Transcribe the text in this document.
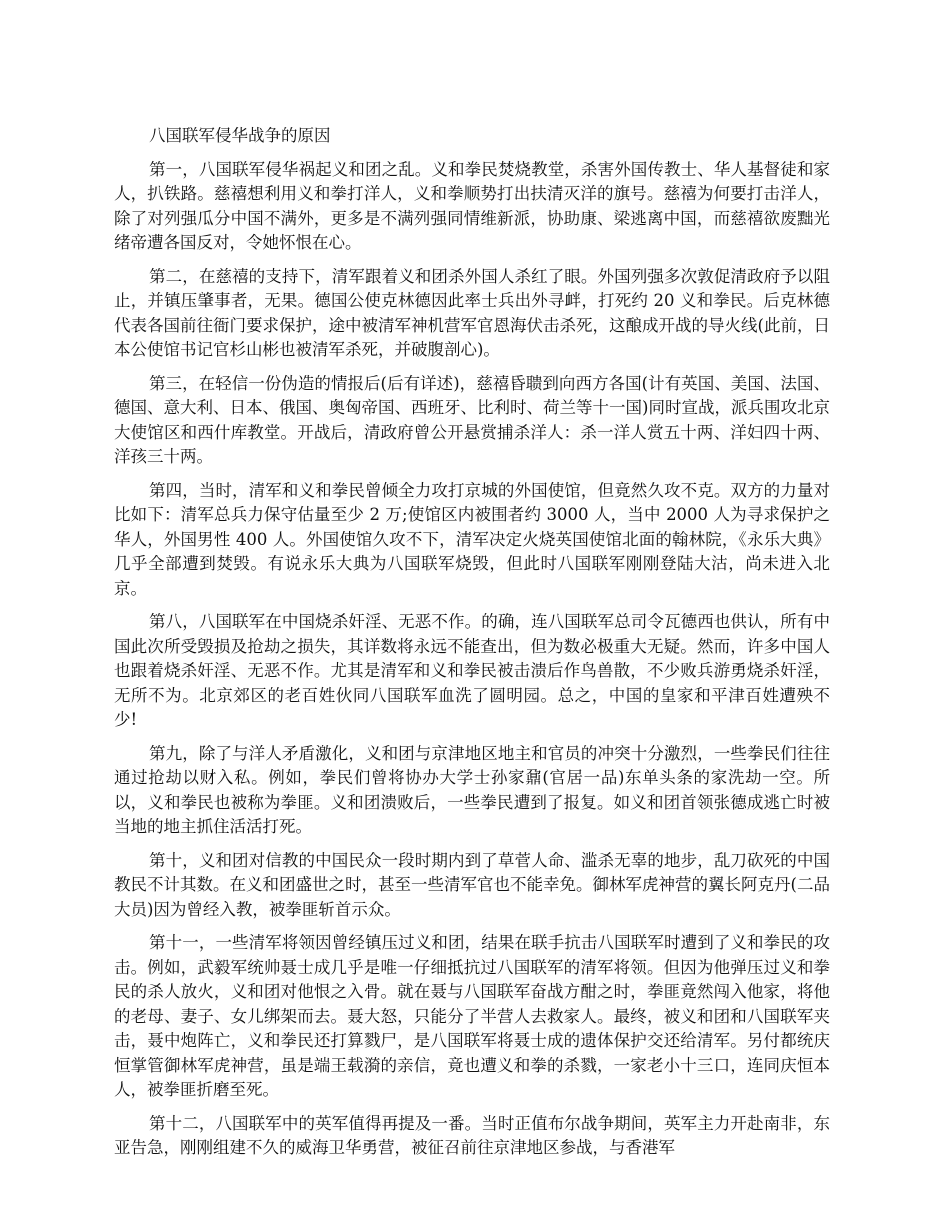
八国联军侵华战争的原因

第一，八国联军侵华祸起义和团之乱。义和拳民焚烧教堂，杀害外国传教士、华人基督徒和家人，扒铁路。慈禧想利用义和拳打洋人，义和拳顺势打出扶清灭洋的旗号。慈禧为何要打击洋人，除了对列强瓜分中国不满外，更多是不满列强同情维新派，协助康、梁逃离中国，而慈禧欲废黜光绪帝遭各国反对，令她怀恨在心。

第二，在慈禧的支持下，清军跟着义和团杀外国人杀红了眼。外国列强多次敦促清政府予以阻止，并镇压肇事者，无果。德国公使克林德因此率士兵出外寻衅，打死约 20 义和拳民。后克林德代表各国前往衙门要求保护，途中被清军神机营军官恩海伏击杀死，这酿成开战的导火线(此前，日本公使馆书记官杉山彬也被清军杀死，并破腹剖心)。

第三，在轻信一份伪造的情报后(后有详述)，慈禧昏聩到向西方各国(计有英国、美国、法国、德国、意大利、日本、俄国、奥匈帝国、西班牙、比利时、荷兰等十一国)同时宣战，派兵围攻北京大使馆区和西什库教堂。开战后，清政府曾公开悬赏捕杀洋人：杀一洋人赏五十两、洋妇四十两、洋孩三十两。

第四，当时，清军和义和拳民曾倾全力攻打京城的外国使馆，但竟然久攻不克。双方的力量对比如下：清军总兵力保守估量至少 2 万;使馆区内被围者约 3000 人，当中 2000 人为寻求保护之华人，外国男性 400 人。外国使馆久攻不下，清军决定火烧英国使馆北面的翰林院，《永乐大典》几乎全部遭到焚毁。有说永乐大典为八国联军烧毁，但此时八国联军刚刚登陆大沽，尚未进入北京。

第八，八国联军在中国烧杀奸淫、无恶不作。的确，连八国联军总司令瓦德西也供认，所有中国此次所受毁损及抢劫之损失，其详数将永远不能查出，但为数必极重大无疑。然而，许多中国人也跟着烧杀奸淫、无恶不作。尤其是清军和义和拳民被击溃后作鸟兽散，不少败兵游勇烧杀奸淫，无所不为。北京郊区的老百姓伙同八国联军血洗了圆明园。总之，中国的皇家和平津百姓遭殃不少!

第九，除了与洋人矛盾激化，义和团与京津地区地主和官员的冲突十分激烈，一些拳民们往往通过抢劫以财入私。例如，拳民们曾将协办大学士孙家鼐(官居一品)东单头条的家洗劫一空。所以，义和拳民也被称为拳匪。义和团溃败后，一些拳民遭到了报复。如义和团首领张德成逃亡时被当地的地主抓住活活打死。

第十，义和团对信教的中国民众一段时期内到了草菅人命、滥杀无辜的地步，乱刀砍死的中国教民不计其数。在义和团盛世之时，甚至一些清军官也不能幸免。御林军虎神营的翼长阿克丹(二品大员)因为曾经入教，被拳匪斩首示众。

第十一，一些清军将领因曾经镇压过义和团，结果在联手抗击八国联军时遭到了义和拳民的攻击。例如，武毅军统帅聂士成几乎是唯一仔细抵抗过八国联军的清军将领。但因为他弹压过义和拳民的杀人放火，义和团对他恨之入骨。就在聂与八国联军奋战方酣之时，拳匪竟然闯入他家，将他的老母、妻子、女儿绑架而去。聂大怒，只能分了半营人去救家人。最终，被义和团和八国联军夹击，聂中炮阵亡，义和拳民还打算戮尸，是八国联军将聂士成的遗体保护交还给清军。另付都统庆恒掌管御林军虎神营，虽是端王载漪的亲信，竟也遭义和拳的杀戮，一家老小十三口，连同庆恒本人，被拳匪折磨至死。

第十二，八国联军中的英军值得再提及一番。当时正值布尔战争期间，英军主力开赴南非，东亚告急，刚刚组建不久的威海卫华勇营，被征召前往京津地区参战，与香港军
